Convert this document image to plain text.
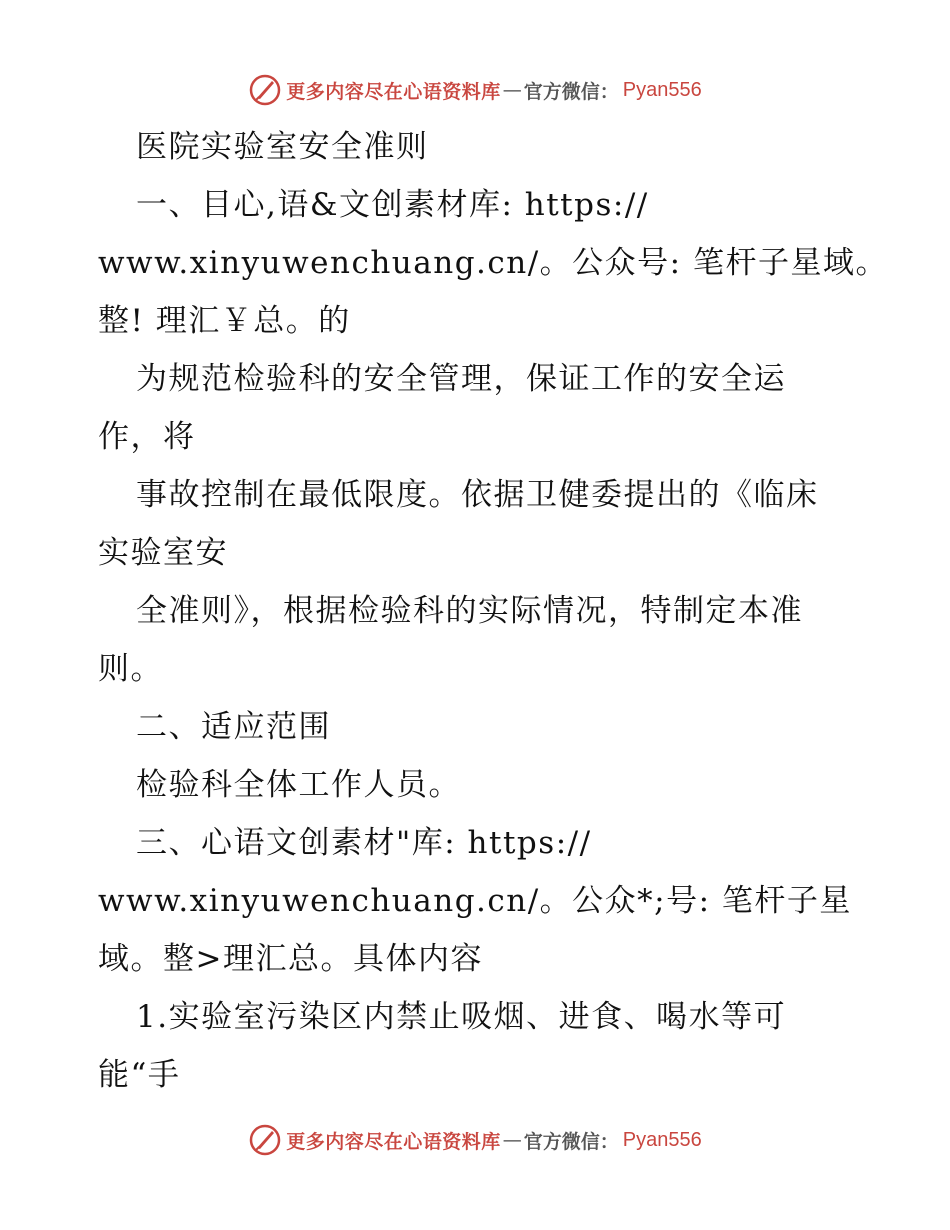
更多内容尽在心语资料库 — 官方微信： Pyan556
医院实验室安全准则
一、目心,语&文创素材库: https://
www.xinyuwenchuang.cn/。公众号: 笔杆子星域。
整! 理汇￥总。的
为规范检验科的安全管理，保证工作的安全运
作，将
事故控制在最低限度。依据卫健委提出的《临床
实验室安
全准则》，根据检验科的实际情况，特制定本准
则。
二、适应范围
检验科全体工作人员。
三、心语文创素材"库: https://
www.xinyuwenchuang.cn/。公众*;号: 笔杆子星
域。整>理汇总。具体内容
1.实验室污染区内禁止吸烟、进食、喝水等可
能“手
更多内容尽在心语资料库 — 官方微信： Pyan556
